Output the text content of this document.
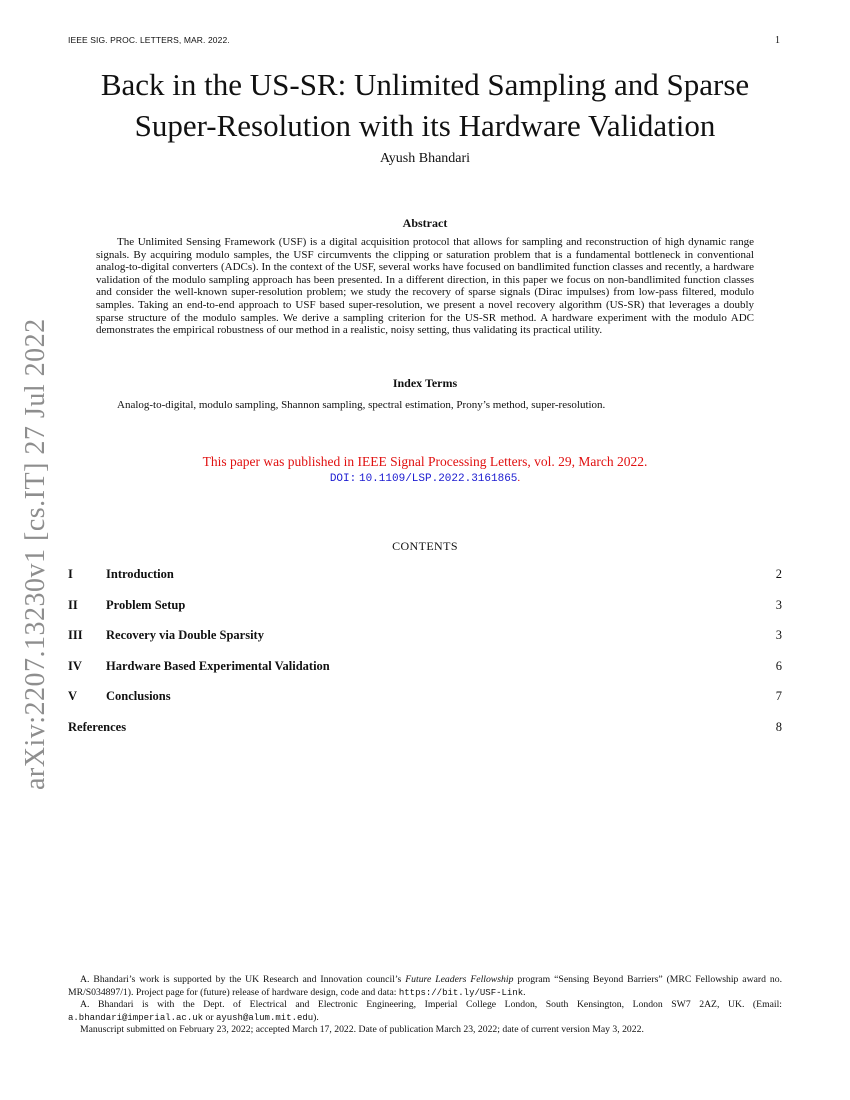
IEEE SIG. PROC. LETTERS, MAR. 2022.	1
Back in the US-SR: Unlimited Sampling and Sparse
Super-Resolution with its Hardware Validation
Ayush Bhandari
Abstract
The Unlimited Sensing Framework (USF) is a digital acquisition protocol that allows for sampling and reconstruction of high dynamic range signals. By acquiring modulo samples, the USF circumvents the clipping or saturation problem that is a fundamental bottleneck in conventional analog-to-digital converters (ADCs). In the context of the USF, several works have focused on bandlimited function classes and recently, a hardware validation of the modulo sampling approach has been presented. In a different direction, in this paper we focus on non-bandlimited function classes and consider the well-known super-resolution problem; we study the recovery of sparse signals (Dirac impulses) from low-pass filtered, modulo samples. Taking an end-to-end approach to USF based super-resolution, we present a novel recovery algorithm (US-SR) that leverages a doubly sparse structure of the modulo samples. We derive a sampling criterion for the US-SR method. A hardware experiment with the modulo ADC demonstrates the empirical robustness of our method in a realistic, noisy setting, thus validating its practical utility.
Index Terms
Analog-to-digital, modulo sampling, Shannon sampling, spectral estimation, Prony’s method, super-resolution.
This paper was published in IEEE Signal Processing Letters, vol. 29, March 2022.
DOI: 10.1109/LSP.2022.3161865.
CONTENTS
I	Introduction	2
II Problem Setup	3
III Recovery via Double Sparsity	3
IV Hardware Based Experimental Validation	6
V Conclusions	7
References	8
arXiv:2207.13230v1 [cs.IT] 27 Jul 2022
A. Bhandari’s work is supported by the UK Research and Innovation council’s Future Leaders Fellowship program “Sensing Beyond Barriers” (MRC Fellowship award no. MR/S034897/1). Project page for (future) release of hardware design, code and data: https://bit.ly/USF-Link.
A. Bhandari is with the Dept. of Electrical and Electronic Engineering, Imperial College London, South Kensington, London SW7 2AZ, UK. (Email: a.bhandari@imperial.ac.uk or ayush@alum.mit.edu).
Manuscript submitted on February 23, 2022; accepted March 17, 2022. Date of publication March 23, 2022; date of current version May 3, 2022.
